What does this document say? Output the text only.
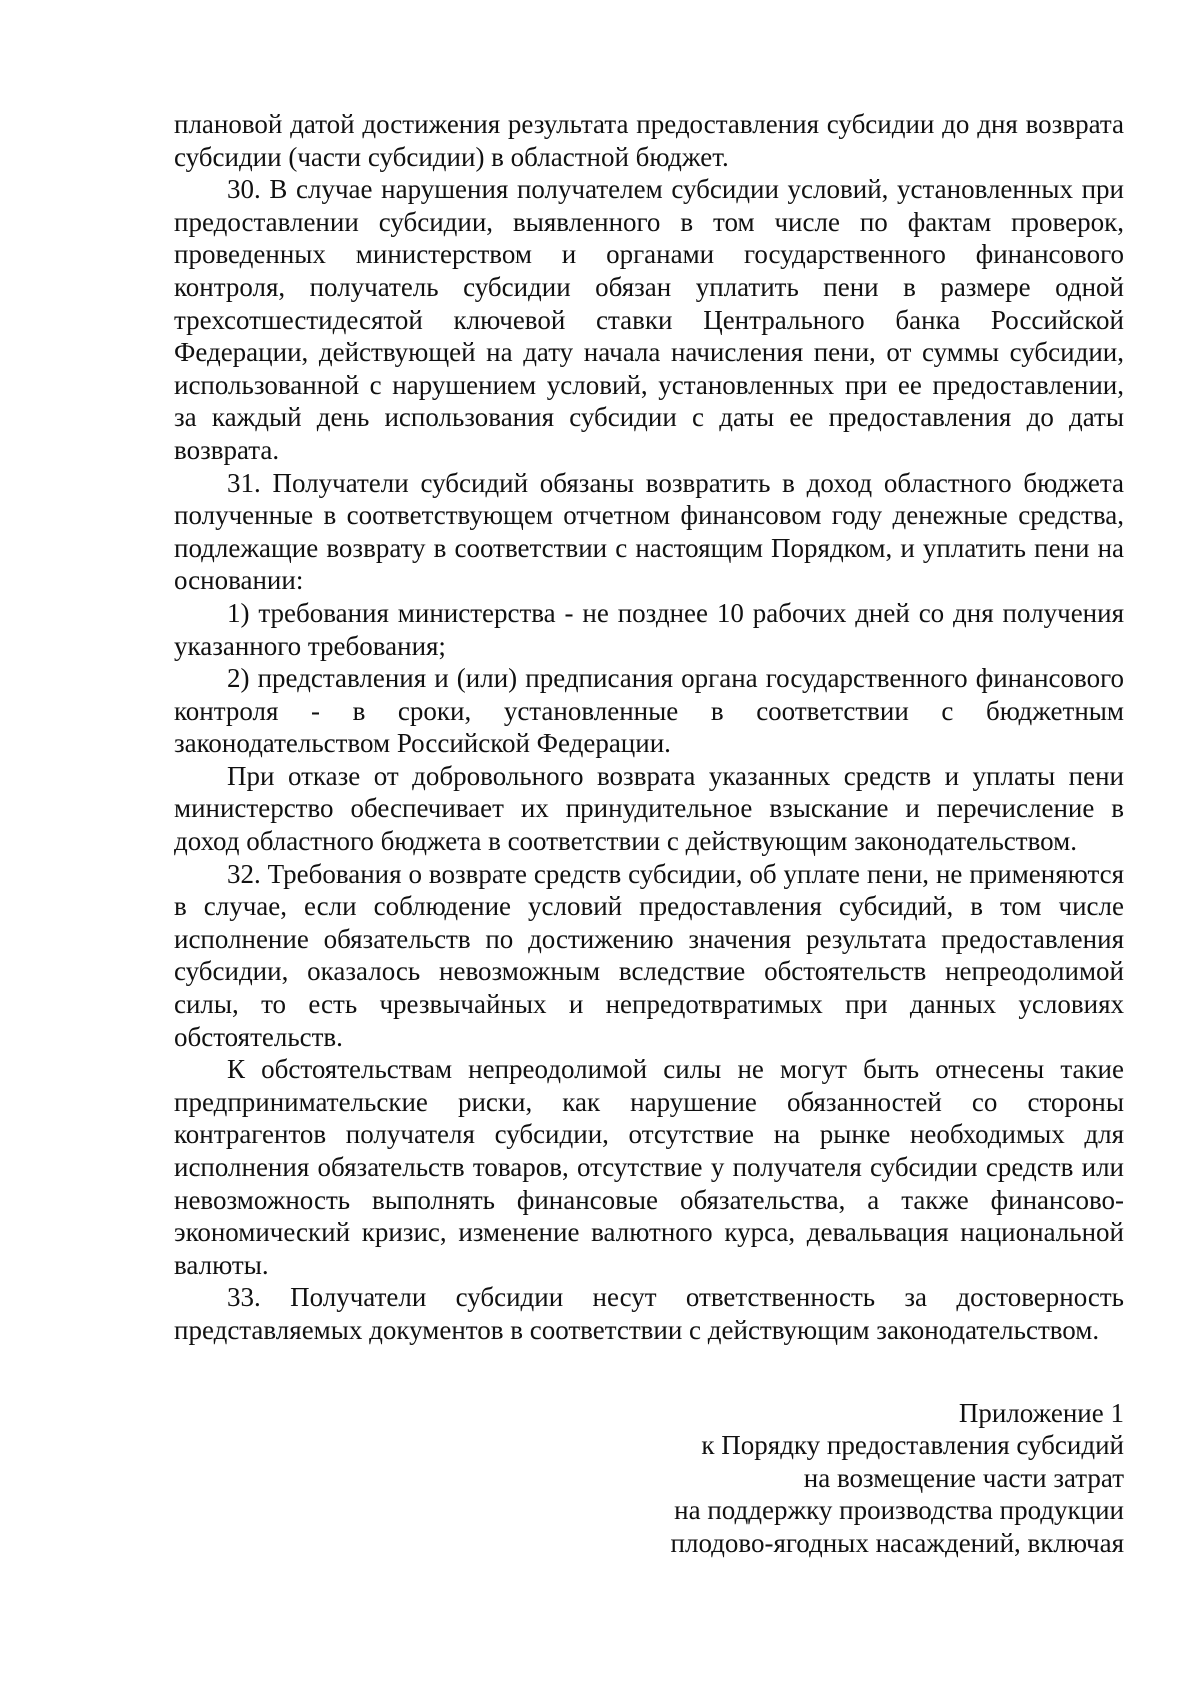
плановой датой достижения результата предоставления субсидии до дня возврата субсидии (части субсидии) в областной бюджет.

30. В случае нарушения получателем субсидии условий, установленных при предоставлении субсидии, выявленного в том числе по фактам проверок, проведенных министерством и органами государственного финансового контроля, получатель субсидии обязан уплатить пени в размере одной трехсотшестидесятой ключевой ставки Центрального банка Российской Федерации, действующей на дату начала начисления пени, от суммы субсидии, использованной с нарушением условий, установленных при ее предоставлении, за каждый день использования субсидии с даты ее предоставления до даты возврата.

31. Получатели субсидий обязаны возвратить в доход областного бюджета полученные в соответствующем отчетном финансовом году денежные средства, подлежащие возврату в соответствии с настоящим Порядком, и уплатить пени на основании:

1) требования министерства - не позднее 10 рабочих дней со дня получения указанного требования;

2) представления и (или) предписания органа государственного финансового контроля - в сроки, установленные в соответствии с бюджетным законодательством Российской Федерации.

При отказе от добровольного возврата указанных средств и уплаты пени министерство обеспечивает их принудительное взыскание и перечисление в доход областного бюджета в соответствии с действующим законодательством.

32. Требования о возврате средств субсидии, об уплате пени, не применяются в случае, если соблюдение условий предоставления субсидий, в том числе исполнение обязательств по достижению значения результата предоставления субсидии, оказалось невозможным вследствие обстоятельств непреодолимой силы, то есть чрезвычайных и непредотвратимых при данных условиях обстоятельств.

К обстоятельствам непреодолимой силы не могут быть отнесены такие предпринимательские риски, как нарушение обязанностей со стороны контрагентов получателя субсидии, отсутствие на рынке необходимых для исполнения обязательств товаров, отсутствие у получателя субсидии средств или невозможность выполнять финансовые обязательства, а также финансово-экономический кризис, изменение валютного курса, девальвация национальной валюты.

33. Получатели субсидии несут ответственность за достоверность представляемых документов в соответствии с действующим законодательством.

Приложение 1
к Порядку предоставления субсидий
на возмещение части затрат
на поддержку производства продукции
плодово-ягодных насаждений, включая
